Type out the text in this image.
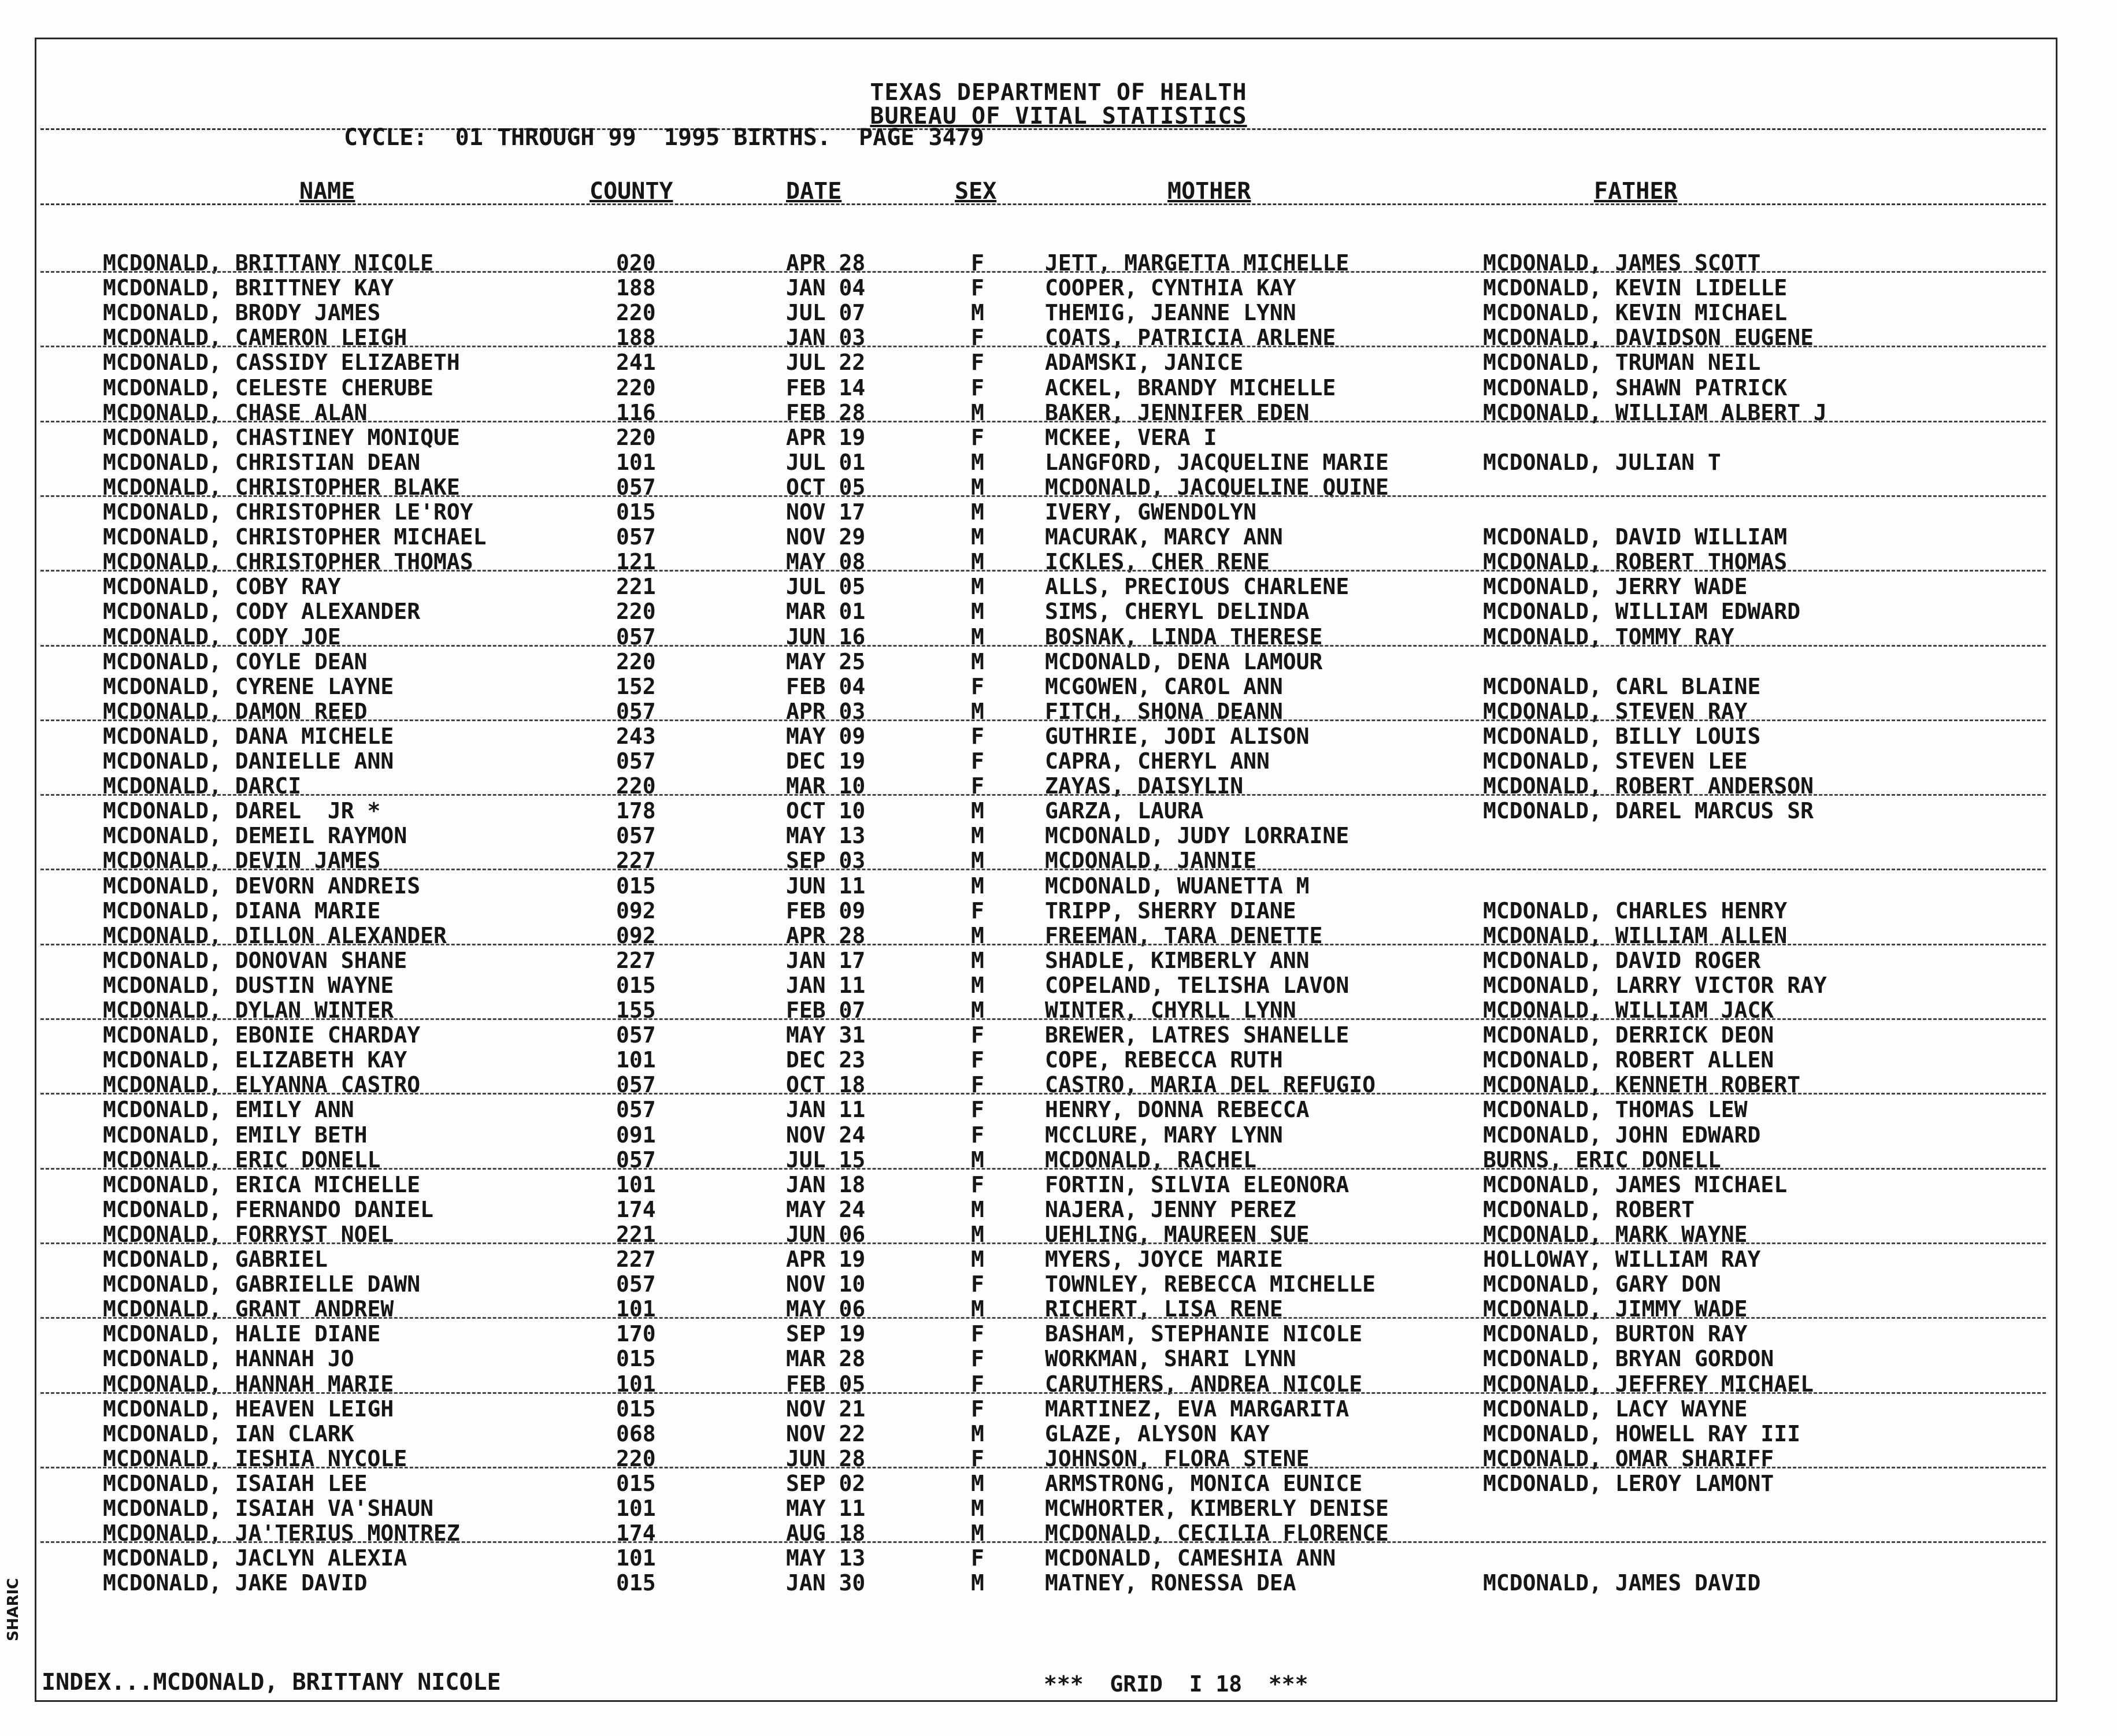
TEXAS DEPARTMENT OF HEALTH
BUREAU OF VITAL STATISTICS
CYCLE:  01 THROUGH 99  1995 BIRTHS.  PAGE 3479
NAME	COUNTY	DATE	SEX	MOTHER	FATHER
MCDONALD, BRITTANY NICOLE	020	APR 28	F	JETT, MARGETTA MICHELLE	MCDONALD, JAMES SCOTT
MCDONALD, BRITTNEY KAY	188	JAN 04	F	COOPER, CYNTHIA KAY	MCDONALD, KEVIN LIDELLE
MCDONALD, BRODY JAMES	220	JUL 07	M	THEMIG, JEANNE LYNN	MCDONALD, KEVIN MICHAEL
MCDONALD, CAMERON LEIGH	188	JAN 03	F	COATS, PATRICIA ARLENE	MCDONALD, DAVIDSON EUGENE
MCDONALD, CASSIDY ELIZABETH	241	JUL 22	F	ADAMSKI, JANICE	MCDONALD, TRUMAN NEIL
MCDONALD, CELESTE CHERUBE	220	FEB 14	F	ACKEL, BRANDY MICHELLE	MCDONALD, SHAWN PATRICK
MCDONALD, CHASE ALAN	116	FEB 28	M	BAKER, JENNIFER EDEN	MCDONALD, WILLIAM ALBERT J
MCDONALD, CHASTINEY MONIQUE	220	APR 19	F	MCKEE, VERA I
MCDONALD, CHRISTIAN DEAN	101	JUL 01	M	LANGFORD, JACQUELINE MARIE	MCDONALD, JULIAN T
MCDONALD, CHRISTOPHER BLAKE	057	OCT 05	M	MCDONALD, JACQUELINE QUINE
MCDONALD, CHRISTOPHER LE'ROY	015	NOV 17	M	IVERY, GWENDOLYN
MCDONALD, CHRISTOPHER MICHAEL	057	NOV 29	M	MACURAK, MARCY ANN	MCDONALD, DAVID WILLIAM
MCDONALD, CHRISTOPHER THOMAS	121	MAY 08	M	ICKLES, CHER RENE	MCDONALD, ROBERT THOMAS
MCDONALD, COBY RAY	221	JUL 05	M	ALLS, PRECIOUS CHARLENE	MCDONALD, JERRY WADE
MCDONALD, CODY ALEXANDER	220	MAR 01	M	SIMS, CHERYL DELINDA	MCDONALD, WILLIAM EDWARD
MCDONALD, CODY JOE	057	JUN 16	M	BOSNAK, LINDA THERESE	MCDONALD, TOMMY RAY
MCDONALD, COYLE DEAN	220	MAY 25	M	MCDONALD, DENA LAMOUR
MCDONALD, CYRENE LAYNE	152	FEB 04	F	MCGOWEN, CAROL ANN	MCDONALD, CARL BLAINE
MCDONALD, DAMON REED	057	APR 03	M	FITCH, SHONA DEANN	MCDONALD, STEVEN RAY
MCDONALD, DANA MICHELE	243	MAY 09	F	GUTHRIE, JODI ALISON	MCDONALD, BILLY LOUIS
MCDONALD, DANIELLE ANN	057	DEC 19	F	CAPRA, CHERYL ANN	MCDONALD, STEVEN LEE
MCDONALD, DARCI	220	MAR 10	F	ZAYAS, DAISYLIN	MCDONALD, ROBERT ANDERSON
MCDONALD, DAREL  JR *	178	OCT 10	M	GARZA, LAURA	MCDONALD, DAREL MARCUS SR
MCDONALD, DEMEIL RAYMON	057	MAY 13	M	MCDONALD, JUDY LORRAINE
MCDONALD, DEVIN JAMES	227	SEP 03	M	MCDONALD, JANNIE
MCDONALD, DEVORN ANDREIS	015	JUN 11	M	MCDONALD, WUANETTA M
MCDONALD, DIANA MARIE	092	FEB 09	F	TRIPP, SHERRY DIANE	MCDONALD, CHARLES HENRY
MCDONALD, DILLON ALEXANDER	092	APR 28	M	FREEMAN, TARA DENETTE	MCDONALD, WILLIAM ALLEN
MCDONALD, DONOVAN SHANE	227	JAN 17	M	SHADLE, KIMBERLY ANN	MCDONALD, DAVID ROGER
MCDONALD, DUSTIN WAYNE	015	JAN 11	M	COPELAND, TELISHA LAVON	MCDONALD, LARRY VICTOR RAY
MCDONALD, DYLAN WINTER	155	FEB 07	M	WINTER, CHYRLL LYNN	MCDONALD, WILLIAM JACK
MCDONALD, EBONIE CHARDAY	057	MAY 31	F	BREWER, LATRES SHANELLE	MCDONALD, DERRICK DEON
MCDONALD, ELIZABETH KAY	101	DEC 23	F	COPE, REBECCA RUTH	MCDONALD, ROBERT ALLEN
MCDONALD, ELYANNA CASTRO	057	OCT 18	F	CASTRO, MARIA DEL REFUGIO	MCDONALD, KENNETH ROBERT
MCDONALD, EMILY ANN	057	JAN 11	F	HENRY, DONNA REBECCA	MCDONALD, THOMAS LEW
MCDONALD, EMILY BETH	091	NOV 24	F	MCCLURE, MARY LYNN	MCDONALD, JOHN EDWARD
MCDONALD, ERIC DONELL	057	JUL 15	M	MCDONALD, RACHEL	BURNS, ERIC DONELL
MCDONALD, ERICA MICHELLE	101	JAN 18	F	FORTIN, SILVIA ELEONORA	MCDONALD, JAMES MICHAEL
MCDONALD, FERNANDO DANIEL	174	MAY 24	M	NAJERA, JENNY PEREZ	MCDONALD, ROBERT
MCDONALD, FORRYST NOEL	221	JUN 06	M	UEHLING, MAUREEN SUE	MCDONALD, MARK WAYNE
MCDONALD, GABRIEL	227	APR 19	M	MYERS, JOYCE MARIE	HOLLOWAY, WILLIAM RAY
MCDONALD, GABRIELLE DAWN	057	NOV 10	F	TOWNLEY, REBECCA MICHELLE	MCDONALD, GARY DON
MCDONALD, GRANT ANDREW	101	MAY 06	M	RICHERT, LISA RENE	MCDONALD, JIMMY WADE
MCDONALD, HALIE DIANE	170	SEP 19	F	BASHAM, STEPHANIE NICOLE	MCDONALD, BURTON RAY
MCDONALD, HANNAH JO	015	MAR 28	F	WORKMAN, SHARI LYNN	MCDONALD, BRYAN GORDON
MCDONALD, HANNAH MARIE	101	FEB 05	F	CARUTHERS, ANDREA NICOLE	MCDONALD, JEFFREY MICHAEL
MCDONALD, HEAVEN LEIGH	015	NOV 21	F	MARTINEZ, EVA MARGARITA	MCDONALD, LACY WAYNE
MCDONALD, IAN CLARK	068	NOV 22	M	GLAZE, ALYSON KAY	MCDONALD, HOWELL RAY III
MCDONALD, IESHIA NYCOLE	220	JUN 28	F	JOHNSON, FLORA STENE	MCDONALD, OMAR SHARIFF
MCDONALD, ISAIAH LEE	015	SEP 02	M	ARMSTRONG, MONICA EUNICE	MCDONALD, LEROY LAMONT
MCDONALD, ISAIAH VA'SHAUN	101	MAY 11	M	MCWHORTER, KIMBERLY DENISE
MCDONALD, JA'TERIUS MONTREZ	174	AUG 18	M	MCDONALD, CECILIA FLORENCE
MCDONALD, JACLYN ALEXIA	101	MAY 13	F	MCDONALD, CAMESHIA ANN
MCDONALD, JAKE DAVID	015	JAN 30	M	MATNEY, RONESSA DEA	MCDONALD, JAMES DAVID
INDEX...MCDONALD, BRITTANY NICOLE	***  GRID  I 18  ***
SHARIC
